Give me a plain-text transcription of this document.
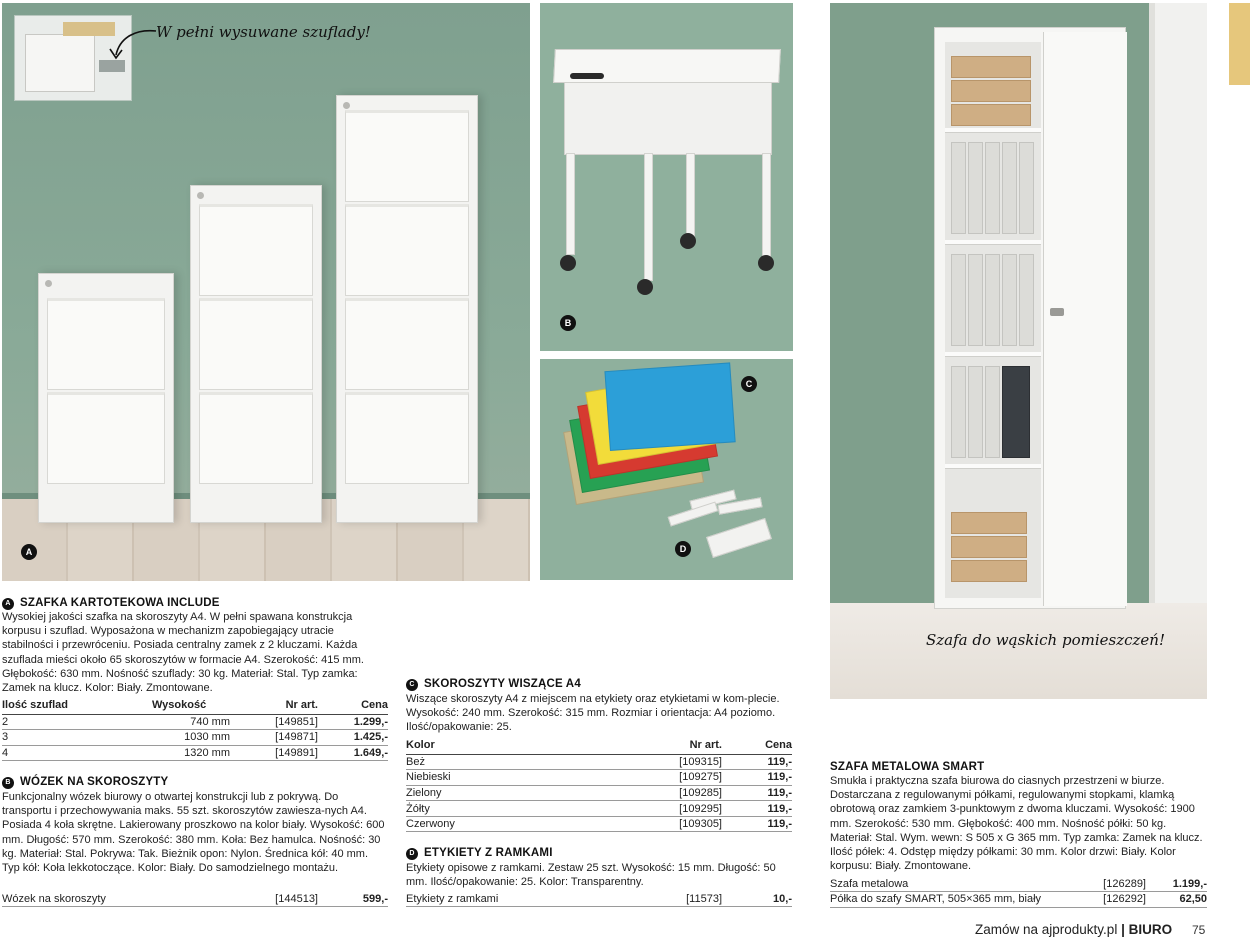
W pełni wysuwane szuflady!
A
B
C
D
Szafa do wąskich pomieszczeń!
A SZAFKA KARTOTEKOWA INCLUDE
Wysokiej jakości szafka na skoroszyty A4. W pełni spawana konstrukcja korpusu i szuflad. Wyposażona w mechanizm zapobiegający utracie stabilności i przewróceniu. Posiada centralny zamek z 2 kluczami. Każda szuflada mieści około 65 skoroszytów w formacie A4. Szerokość: 415 mm. Głębokość: 630 mm. Nośność szuflady: 30 kg. Materiał: Stal. Typ zamka: Zamek na klucz. Kolor: Biały. Zmontowane.
Ilość szuflad	Wysokość	Nr art.	Cena
2	740 mm	[149851]	1.299,-
3	1030 mm	[149871]	1.425,-
4	1320 mm	[149891]	1.649,-
B WÓZEK NA SKOROSZYTY
Funkcjonalny wózek biurowy o otwartej konstrukcji lub z pokrywą. Do transportu i przechowywania maks. 55 szt. skoroszytów zawiesza-nych A4. Posiada 4 koła skrętne. Lakierowany proszkowo na kolor biały. Wysokość: 600 mm. Długość: 570 mm. Szerokość: 380 mm. Koła: Bez hamulca. Nośność: 30 kg. Materiał: Stal. Pokrywa: Tak. Bieżnik opon: Nylon. Średnica kół: 40 mm. Typ kół: Koła lekkotoczące. Kolor: Biały. Do samodzielnego montażu.
Wózek na skoroszyty	[144513]	599,-
C SKOROSZYTY WISZĄCE A4
Wiszące skoroszyty A4 z miejscem na etykiety oraz etykietami w kom-plecie. Wysokość: 240 mm. Szerokość: 315 mm. Rozmiar i orientacja: A4 poziomo. Ilość/opakowanie: 25.
Kolor	Nr art.	Cena
Beż	[109315]	119,-
Niebieski	[109275]	119,-
Zielony	[109285]	119,-
Żółty	[109295]	119,-
Czerwony	[109305]	119,-
D ETYKIETY Z RAMKAMI
Etykiety opisowe z ramkami. Zestaw 25 szt. Wysokość: 15 mm. Długość: 50 mm. Ilość/opakowanie: 25. Kolor: Transparentny.
Etykiety z ramkami	[11573]	10,-
SZAFA METALOWA SMART
Smukła i praktyczna szafa biurowa do ciasnych przestrzeni w biurze. Dostarczana z regulowanymi półkami, regulowanymi stopkami, klamką obrotową oraz zamkiem 3-punktowym z dwoma kluczami. Wysokość: 1900 mm. Szerokość: 530 mm. Głębokość: 400 mm. Nośność półki: 50 kg. Materiał: Stal. Wym. wewn: S 505 x G 365 mm. Typ zamka: Zamek na klucz. Ilość półek: 4. Odstęp między półkami: 30 mm. Kolor drzwi: Biały. Kolor korpusu: Biały. Zmontowane.
Szafa metalowa	[126289]	1.199,-
Półka do szafy SMART, 505×365 mm, biały	[126292]	62,50
Zamów na ajprodukty.pl | BIURO 75
